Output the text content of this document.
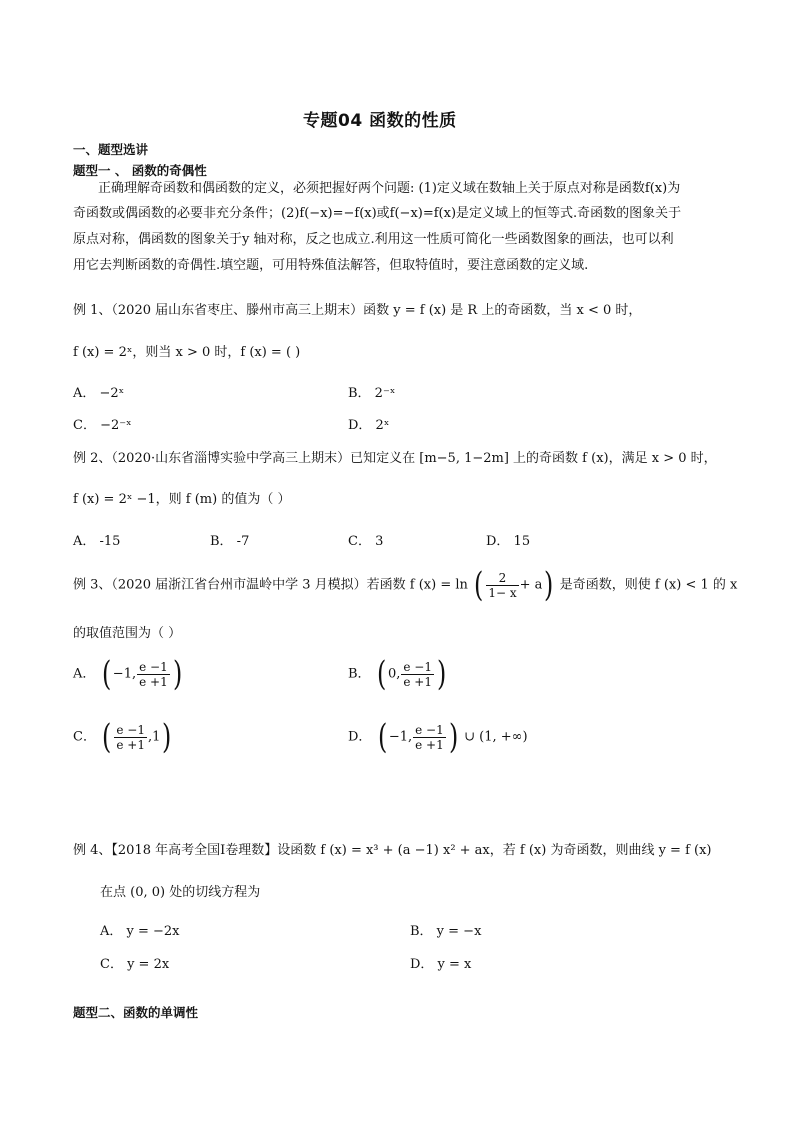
专题04 函数的性质
一、题型选讲
题型一 、 函数的奇偶性
正确理解奇函数和偶函数的定义，必须把握好两个问题: (1)定义域在数轴上关于原点对称是函数f(x)为
奇函数或偶函数的必要非充分条件；(2)f(−x)=−f(x)或f(−x)=f(x)是定义域上的恒等式.奇函数的图象关于
原点对称，偶函数的图象关于y 轴对称，反之也成立.利用这一性质可简化一些函数图象的画法，也可以利
用它去判断函数的奇偶性.填空题，可用特殊值法解答，但取特值时，要注意函数的定义域.
例 1、（2020 届山东省枣庄、滕州市高三上期末）函数 y = f (x) 是 R 上的奇函数，当 x < 0 时，
f (x) = 2ˣ，则当 x > 0 时，f (x) = ( )
A． −2ˣ	B． 2⁻ˣ
C． −2⁻ˣ	D． 2ˣ
例 2、（2020·山东省淄博实验中学高三上期末）已知定义在 [m−5, 1−2m] 上的奇函数 f (x)，满足 x > 0 时，
f (x) = 2ˣ −1，则 f (m) 的值为（ ）
A． -15	B． -7	C． 3	D． 15
例 3、（2020 届浙江省台州市温岭中学 3 月模拟）若函数 f (x) = ln ( $\frac{2}{1- x} + a$) 是奇函数，则使 f (x) < 1 的 x
的取值范围为（ ）
A． ( −1, $\frac{e -1}{e +1}$ )	B． ( 0, $\frac{e -1}{e +1}$ )
C． ( $\frac{e -1}{e +1} ,1$)	D． ( −1, $\frac{e -1}{e +1}$ ) ∪ (1, +∞)
例 4、【2018 年高考全国Ⅰ卷理数】设函数 f (x) = x³ + (a −1) x² + ax，若 f (x) 为奇函数，则曲线 y = f (x)
在点 (0, 0) 处的切线方程为
A． y = −2x	B． y = −x
C． y = 2x	D． y = x
题型二、函数的单调性
